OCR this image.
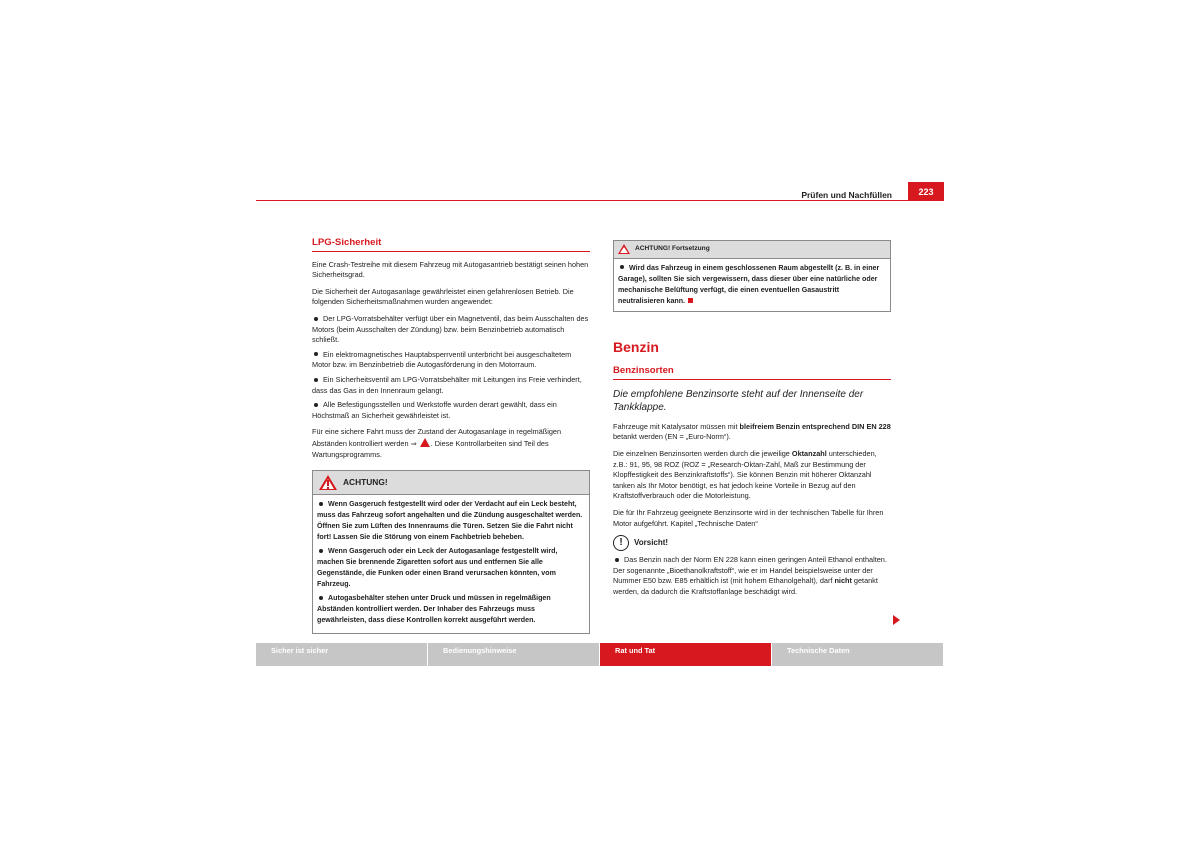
Prüfen und Nachfüllen	223
LPG-Sicherheit

Eine Crash-Testreihe mit diesem Fahrzeug mit Autogasantrieb bestätigt seinen hohen Sicherheitsgrad.

Die Sicherheit der Autogasanlage gewährleistet einen gefahrenlosen Betrieb. Die folgenden Sicherheitsmaßnahmen wurden angewendet:

Der LPG-Vorratsbehälter verfügt über ein Magnetventil, das beim Ausschalten des Motors (beim Ausschalten der Zündung) bzw. beim Benzinbetrieb automatisch schließt.
Ein elektromagnetisches Hauptabsperrventil unterbricht bei ausgeschaltetem Motor bzw. im Benzinbetrieb die Autogasförderung in den Motorraum.
Ein Sicherheitsventil am LPG-Vorratsbehälter mit Leitungen ins Freie verhindert, dass das Gas in den Innenraum gelangt.
Alle Befestigungsstellen und Werkstoffe wurden derart gewählt, dass ein Höchstmaß an Sicherheit gewährleistet ist.

Für eine sichere Fahrt muss der Zustand der Autogasanlage in regelmäßigen Abständen kontrolliert werden ⇒ . Diese Kontrollarbeiten sind Teil des Wartungsprogramms.

ACHTUNG!

Wenn Gasgeruch festgestellt wird oder der Verdacht auf ein Leck besteht, muss das Fahrzeug sofort angehalten und die Zündung ausgeschaltet werden. Öffnen Sie zum Lüften des Innenraums die Türen. Setzen Sie die Fahrt nicht fort! Lassen Sie die Störung von einem Fachbetrieb beheben.

Wenn Gasgeruch oder ein Leck der Autogasanlage festgestellt wird, machen Sie brennende Zigaretten sofort aus und entfernen Sie alle Gegenstände, die Funken oder einen Brand verursachen könnten, vom Fahrzeug.

Autogasbehälter stehen unter Druck und müssen in regelmäßigen Abständen kontrolliert werden. Der Inhaber des Fahrzeugs muss gewährleisten, dass diese Kontrollen korrekt ausgeführt werden.

ACHTUNG! Fortsetzung

Wird das Fahrzeug in einem geschlossenen Raum abgestellt (z. B. in einer Garage), sollten Sie sich vergewissern, dass dieser über eine natürliche oder mechanische Belüftung verfügt, die einen eventuellen Gasaustritt neutralisieren kann.

Benzin
Benzinsorten

Die empfohlene Benzinsorte steht auf der Innenseite der Tankklappe.

Fahrzeuge mit Katalysator müssen mit bleifreiem Benzin entsprechend DIN EN 228 betankt werden (EN = „Euro-Norm“).

Die einzelnen Benzinsorten werden durch die jeweilige Oktanzahl unterschieden, z.B.: 91, 95, 98 ROZ (ROZ = „Research-Oktan-Zahl, Maß zur Bestimmung der Klopffestigkeit des Benzinkraftstoffs“). Sie können Benzin mit höherer Oktanzahl tanken als Ihr Motor benötigt, es hat jedoch keine Vorteile in Bezug auf den Kraftstoffverbrauch oder die Motorleistung.

Die für Ihr Fahrzeug geeignete Benzinsorte wird in der technischen Tabelle für Ihren Motor aufgeführt. Kapitel „Technische Daten“

!	Vorsicht!

Das Benzin nach der Norm EN 228 kann einen geringen Anteil Ethanol enthalten. Der sogenannte „Bioethanolkraftstoff“, wie er im Handel beispielsweise unter der Nummer E50 bzw. E85 erhältlich ist (mit hohem Ethanolgehalt), darf nicht getankt werden, da dadurch die Kraftstoffanlage beschädigt wird.

Sicher ist sicher	Bedienungshinweise	Rat und Tat	Technische Daten
